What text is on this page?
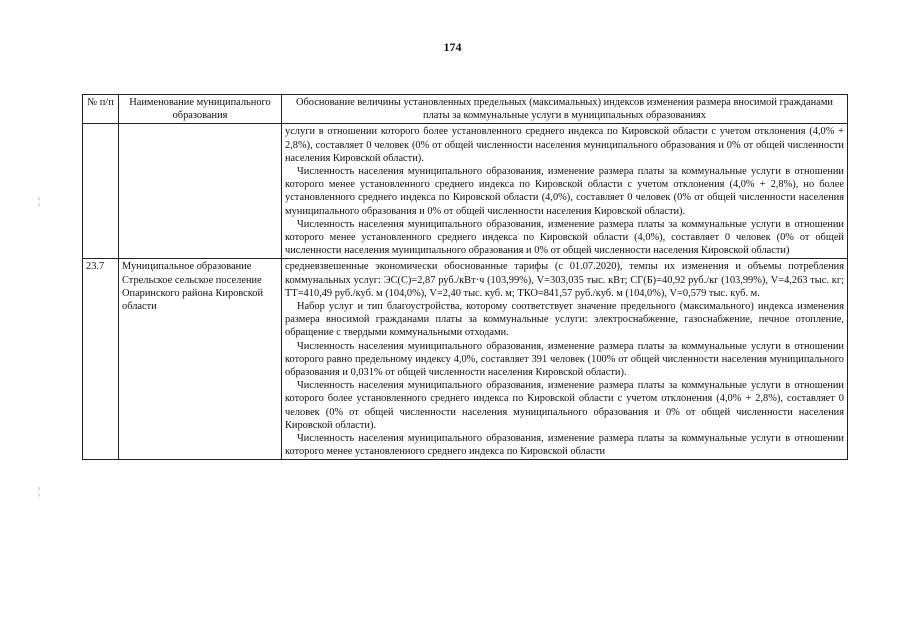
174
№ п/п	Наименование муниципального образования	Обоснование величины установленных предельных (максимальных) индексов изменения размера вносимой гражданами платы за коммунальные услуги в муниципальных образованиях

		услуги в отношении которого более установленного среднего индекса по Кировской области с учетом отклонения (4,0% + 2,8%), составляет 0 человек (0% от общей численности населения муниципального образования и 0% от общей численности населения Кировской области).

Численность населения муниципального образования, изменение размера платы за коммунальные услуги в отношении которого менее установленного среднего индекса по Кировской области с учетом отклонения (4,0% + 2,8%), но более установленного среднего индекса по Кировской области (4,0%), составляет 0 человек (0% от общей численности населения муниципального образования и 0% от общей численности населения Кировской области).

Численность населения муниципального образования, изменение размера платы за коммунальные услуги в отношении которого менее установленного среднего индекса по Кировской области (4,0%), составляет 0 человек (0% от общей численности населения муниципального образования и 0% от общей численности населения Кировской области)

23.7	Муниципальное образование Стрельское сельское поселение Опаринского района Кировской области	средневзвешенные экономически обоснованные тарифы (с 01.07.2020), темпы их изменения и объемы потребления коммунальных услуг: ЭС(С)=2,87 руб./кВт·ч (103,99%), V=303,035 тыс. кВт; СГ(Б)=40,92 руб./кг (103,99%), V=4,263 тыс. кг; ТТ=410,49 руб./куб. м (104,0%), V=2,40 тыс. куб. м; ТКО=841,57 руб./куб. м (104,0%), V=0,579 тыс. куб. м.

Набор услуг и тип благоустройства, которому соответствует значение предельного (максимального) индекса изменения размера вносимой гражданами платы за коммунальные услуги: электроснабжение, газоснабжение, печное отопление, обращение с твердыми коммунальными отходами.

Численность населения муниципального образования, изменение размера платы за коммунальные услуги в отношении которого равно предельному индексу 4,0%, составляет 391 человек (100% от общей численности населения муниципального образования и 0,031% от общей численности населения Кировской области).

Численность населения муниципального образования, изменение размера платы за коммунальные услуги в отношении которого более установленного среднего индекса по Кировской области с учетом отклонения (4,0% + 2,8%), составляет 0 человек (0% от общей численности населения муниципального образования и 0% от общей численности населения Кировской области).

Численность населения муниципального образования, изменение размера платы за коммунальные услуги в отношении которого менее установленного среднего индекса по Кировской области

¦
¦
